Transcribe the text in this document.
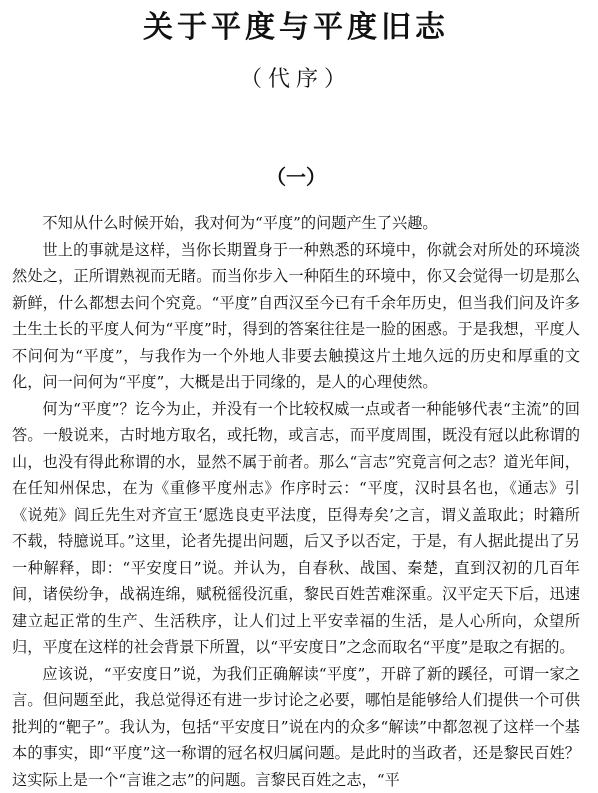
关于平度与平度旧志
（代序）
（一）

不知从什么时候开始，我对何为“平度”的问题产生了兴趣。

世上的事就是这样，当你长期置身于一种熟悉的环境中，你就会对所处的环境淡然处之，正所谓熟视而无睹。而当你步入一种陌生的环境中，你又会觉得一切是那么新鲜，什么都想去问个究竟。“平度”自西汉至今已有千余年历史，但当我们问及许多土生土长的平度人何为“平度”时，得到的答案往往是一脸的困惑。于是我想，平度人不问何为“平度”，与我作为一个外地人非要去触摸这片土地久远的历史和厚重的文化，问一问何为“平度”，大概是出于同缘的，是人的心理使然。

何为“平度”？讫今为止，并没有一个比较权威一点或者一种能够代表“主流”的回答。一般说来，古时地方取名，或托物，或言志，而平度周围，既没有冠以此称谓的山，也没有得此称谓的水，显然不属于前者。那么“言志”究竟言何之志？道光年间，在任知州保忠，在为《重修平度州志》作序时云：“平度，汉时县名也，《通志》引《说苑》闾丘先生对齐宣王‘愿选良吏平法度，臣得寿矣’之言，谓义盖取此；时籍所不载，特臆说耳。”这里，论者先提出问题，后又予以否定，于是，有人据此提出了另一种解释，即：“平安度日”说。并认为，自春秋、战国、秦楚，直到汉初的几百年间，诸侯纷争，战祸连绵，赋税徭役沉重，黎民百姓苦难深重。汉平定天下后，迅速建立起正常的生产、生活秩序，让人们过上平安幸福的生活，是人心所向，众望所归，平度在这样的社会背景下所置，以“平安度日”之念而取名“平度”是取之有据的。

应该说，“平安度日”说，为我们正确解读“平度”，开辟了新的蹊径，可谓一家之言。但问题至此，我总觉得还有进一步讨论之必要，哪怕是能够给人们提供一个可供批判的“靶子”。我认为，包括“平安度日”说在内的众多“解读”中都忽视了这样一个基本的事实，即“平度”这一称谓的冠名权归属问题。是此时的当政者，还是黎民百姓？这实际上是一个“言谁之志”的问题。言黎民百姓之志，“平
